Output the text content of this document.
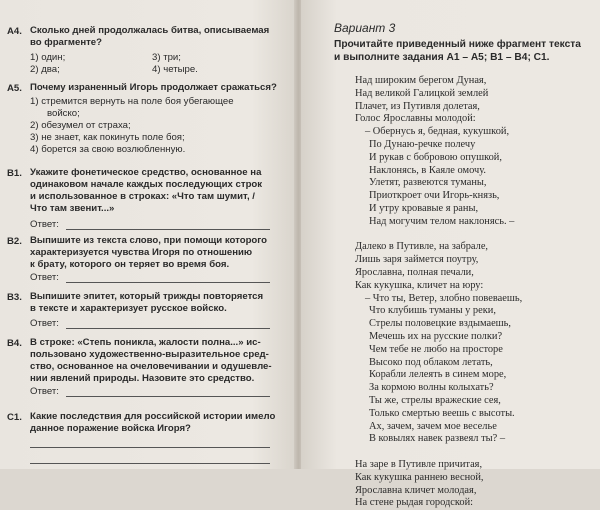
А4. Сколько дней продолжалась битва, описываемая
во фрагменте?
1) один;	3) три;
2) два;	4) четыре.
А5. Почему израненный Игорь продолжает сражаться?
1) стремится вернуть на поле боя убегающее
войско;
2) обезумел от страха;
3) не знает, как покинуть поле боя;
4) борется за свою возлюбленную.
В1. Укажите фонетическое средство, основанное на
одинаковом начале каждых последующих строк
и использованное в строках: «Что там шумит, /
Что там звенит...»
Ответ:
В2. Выпишите из текста слово, при помощи которого
характеризуется чувства Игоря по отношению
к брату, которого он теряет во время боя.
Ответ:
В3. Выпишите эпитет, который трижды повторяется
в тексте и характеризует русское войско.
Ответ:
В4. В строке: «Степь поникла, жалости полна...» ис-
пользовано художественно-выразительное сред-
ство, основанное на очеловечивании и одушевле-
нии явлений природы. Назовите это средство.
Ответ:
С1. Какие последствия для российской истории имело
данное поражение войска Игоря?
Вариант 3
Прочитайте приведенный ниже фрагмент текста
и выполните задания А1 – А5; В1 – В4; С1.
Над широким берегом Дуная,
Над великой Галицкой землей
Плачет, из Путивля долетая,
Голос Ярославны молодой:
– Обернусь я, бедная, кукушкой,
По Дунаю-речке полечу
И рукав с бобровою опушкой,
Наклонясь, в Каяле омочу.
Улетят, развеются туманы,
Приоткроет очи Игорь-князь,
И утру кровавые я раны,
Над могучим телом наклонясь. –
Далеко в Путивле, на забрале,
Лишь заря займется поутру,
Ярославна, полная печали,
Как кукушка, кличет на юру:
– Что ты, Ветер, злобно повеваешь,
Что клубишь туманы у реки,
Стрелы половецкие вздымаешь,
Мечешь их на русские полки?
Чем тебе не любо на просторе
Высоко под облаком летать,
Корабли лелеять в синем море,
За кормою волны колыхать?
Ты же, стрелы вражеские сея,
Только смертью веешь с высоты.
Ах, зачем, зачем мое веселье
В ковылях навек развеял ты? –
На заре в Путивле причитая,
Как кукушка раннею весной,
Ярославна кличет молодая,
На стене рыдая городской:
